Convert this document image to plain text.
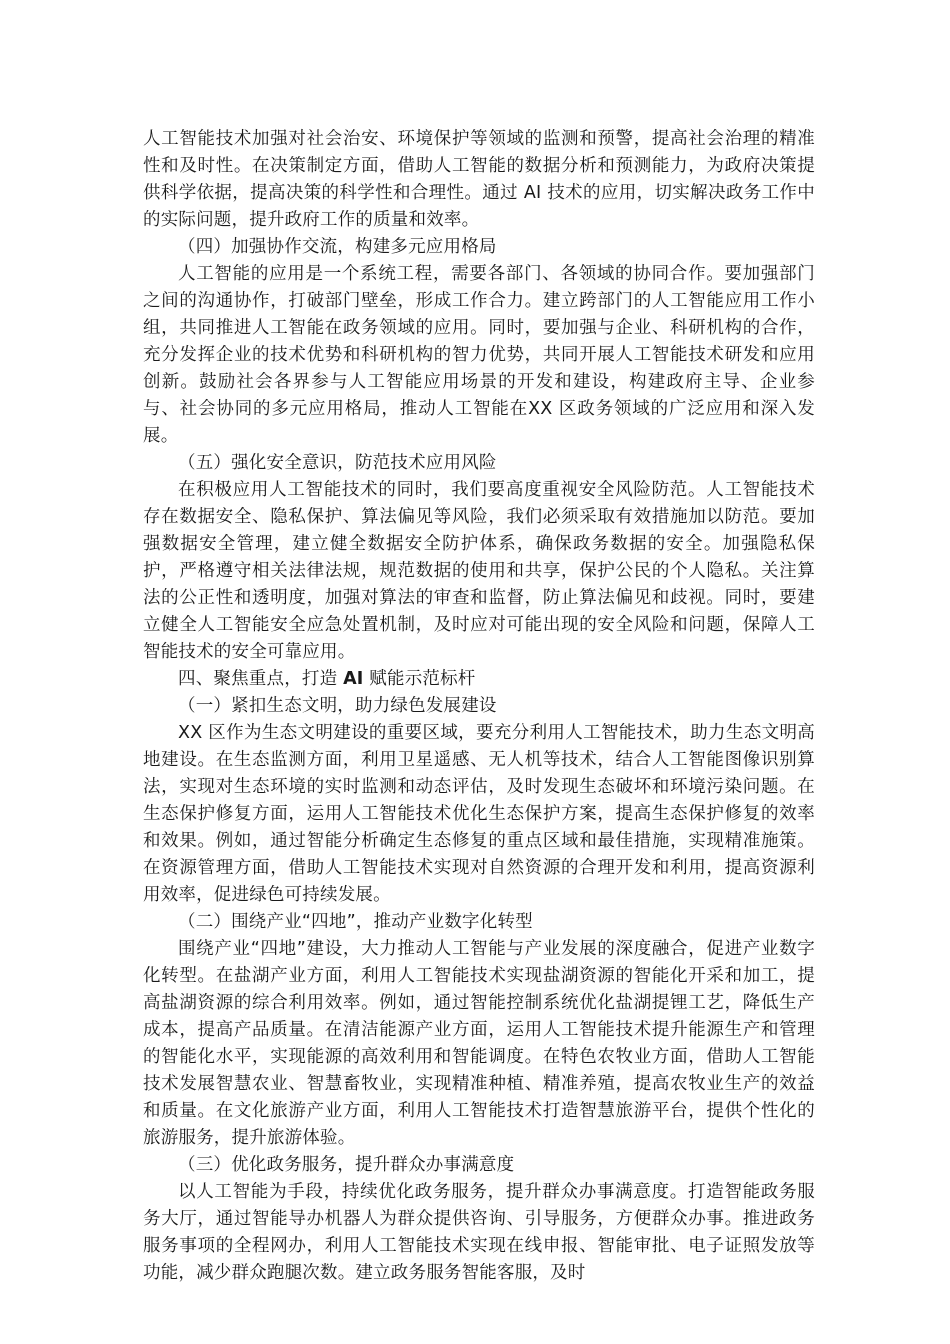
人工智能技术加强对社会治安、环境保护等领域的监测和预警，提高社会治理的精准性和及时性。在决策制定方面，借助人工智能的数据分析和预测能力，为政府决策提供科学依据，提高决策的科学性和合理性。通过 AI 技术的应用，切实解决政务工作中的实际问题，提升政府工作的质量和效率。

（四）加强协作交流，构建多元应用格局

人工智能的应用是一个系统工程，需要各部门、各领域的协同合作。要加强部门之间的沟通协作，打破部门壁垒，形成工作合力。建立跨部门的人工智能应用工作小组，共同推进人工智能在政务领域的应用。同时，要加强与企业、科研机构的合作，充分发挥企业的技术优势和科研机构的智力优势，共同开展人工智能技术研发和应用创新。鼓励社会各界参与人工智能应用场景的开发和建设，构建政府主导、企业参与、社会协同的多元应用格局，推动人工智能在XX 区政务领域的广泛应用和深入发展。

（五）强化安全意识，防范技术应用风险

在积极应用人工智能技术的同时，我们要高度重视安全风险防范。人工智能技术存在数据安全、隐私保护、算法偏见等风险，我们必须采取有效措施加以防范。要加强数据安全管理，建立健全数据安全防护体系，确保政务数据的安全。加强隐私保护，严格遵守相关法律法规，规范数据的使用和共享，保护公民的个人隐私。关注算法的公正性和透明度，加强对算法的审查和监督，防止算法偏见和歧视。同时，要建立健全人工智能安全应急处置机制，及时应对可能出现的安全风险和问题，保障人工智能技术的安全可靠应用。

四、聚焦重点，打造 AI 赋能示范标杆

（一）紧扣生态文明，助力绿色发展建设

XX 区作为生态文明建设的重要区域，要充分利用人工智能技术，助力生态文明高地建设。在生态监测方面，利用卫星遥感、无人机等技术，结合人工智能图像识别算法，实现对生态环境的实时监测和动态评估，及时发现生态破坏和环境污染问题。在生态保护修复方面，运用人工智能技术优化生态保护方案，提高生态保护修复的效率和效果。例如，通过智能分析确定生态修复的重点区域和最佳措施，实现精准施策。在资源管理方面，借助人工智能技术实现对自然资源的合理开发和利用，提高资源利用效率，促进绿色可持续发展。

（二）围绕产业“四地”，推动产业数字化转型

围绕产业“四地”建设，大力推动人工智能与产业发展的深度融合，促进产业数字化转型。在盐湖产业方面，利用人工智能技术实现盐湖资源的智能化开采和加工，提高盐湖资源的综合利用效率。例如，通过智能控制系统优化盐湖提锂工艺，降低生产成本，提高产品质量。在清洁能源产业方面，运用人工智能技术提升能源生产和管理的智能化水平，实现能源的高效利用和智能调度。在特色农牧业方面，借助人工智能技术发展智慧农业、智慧畜牧业，实现精准种植、精准养殖，提高农牧业生产的效益和质量。在文化旅游产业方面，利用人工智能技术打造智慧旅游平台，提供个性化的旅游服务，提升旅游体验。

（三）优化政务服务，提升群众办事满意度

以人工智能为手段，持续优化政务服务，提升群众办事满意度。打造智能政务服务大厅，通过智能导办机器人为群众提供咨询、引导服务，方便群众办事。推进政务服务事项的全程网办，利用人工智能技术实现在线申报、智能审批、电子证照发放等功能，减少群众跑腿次数。建立政务服务智能客服，及时
